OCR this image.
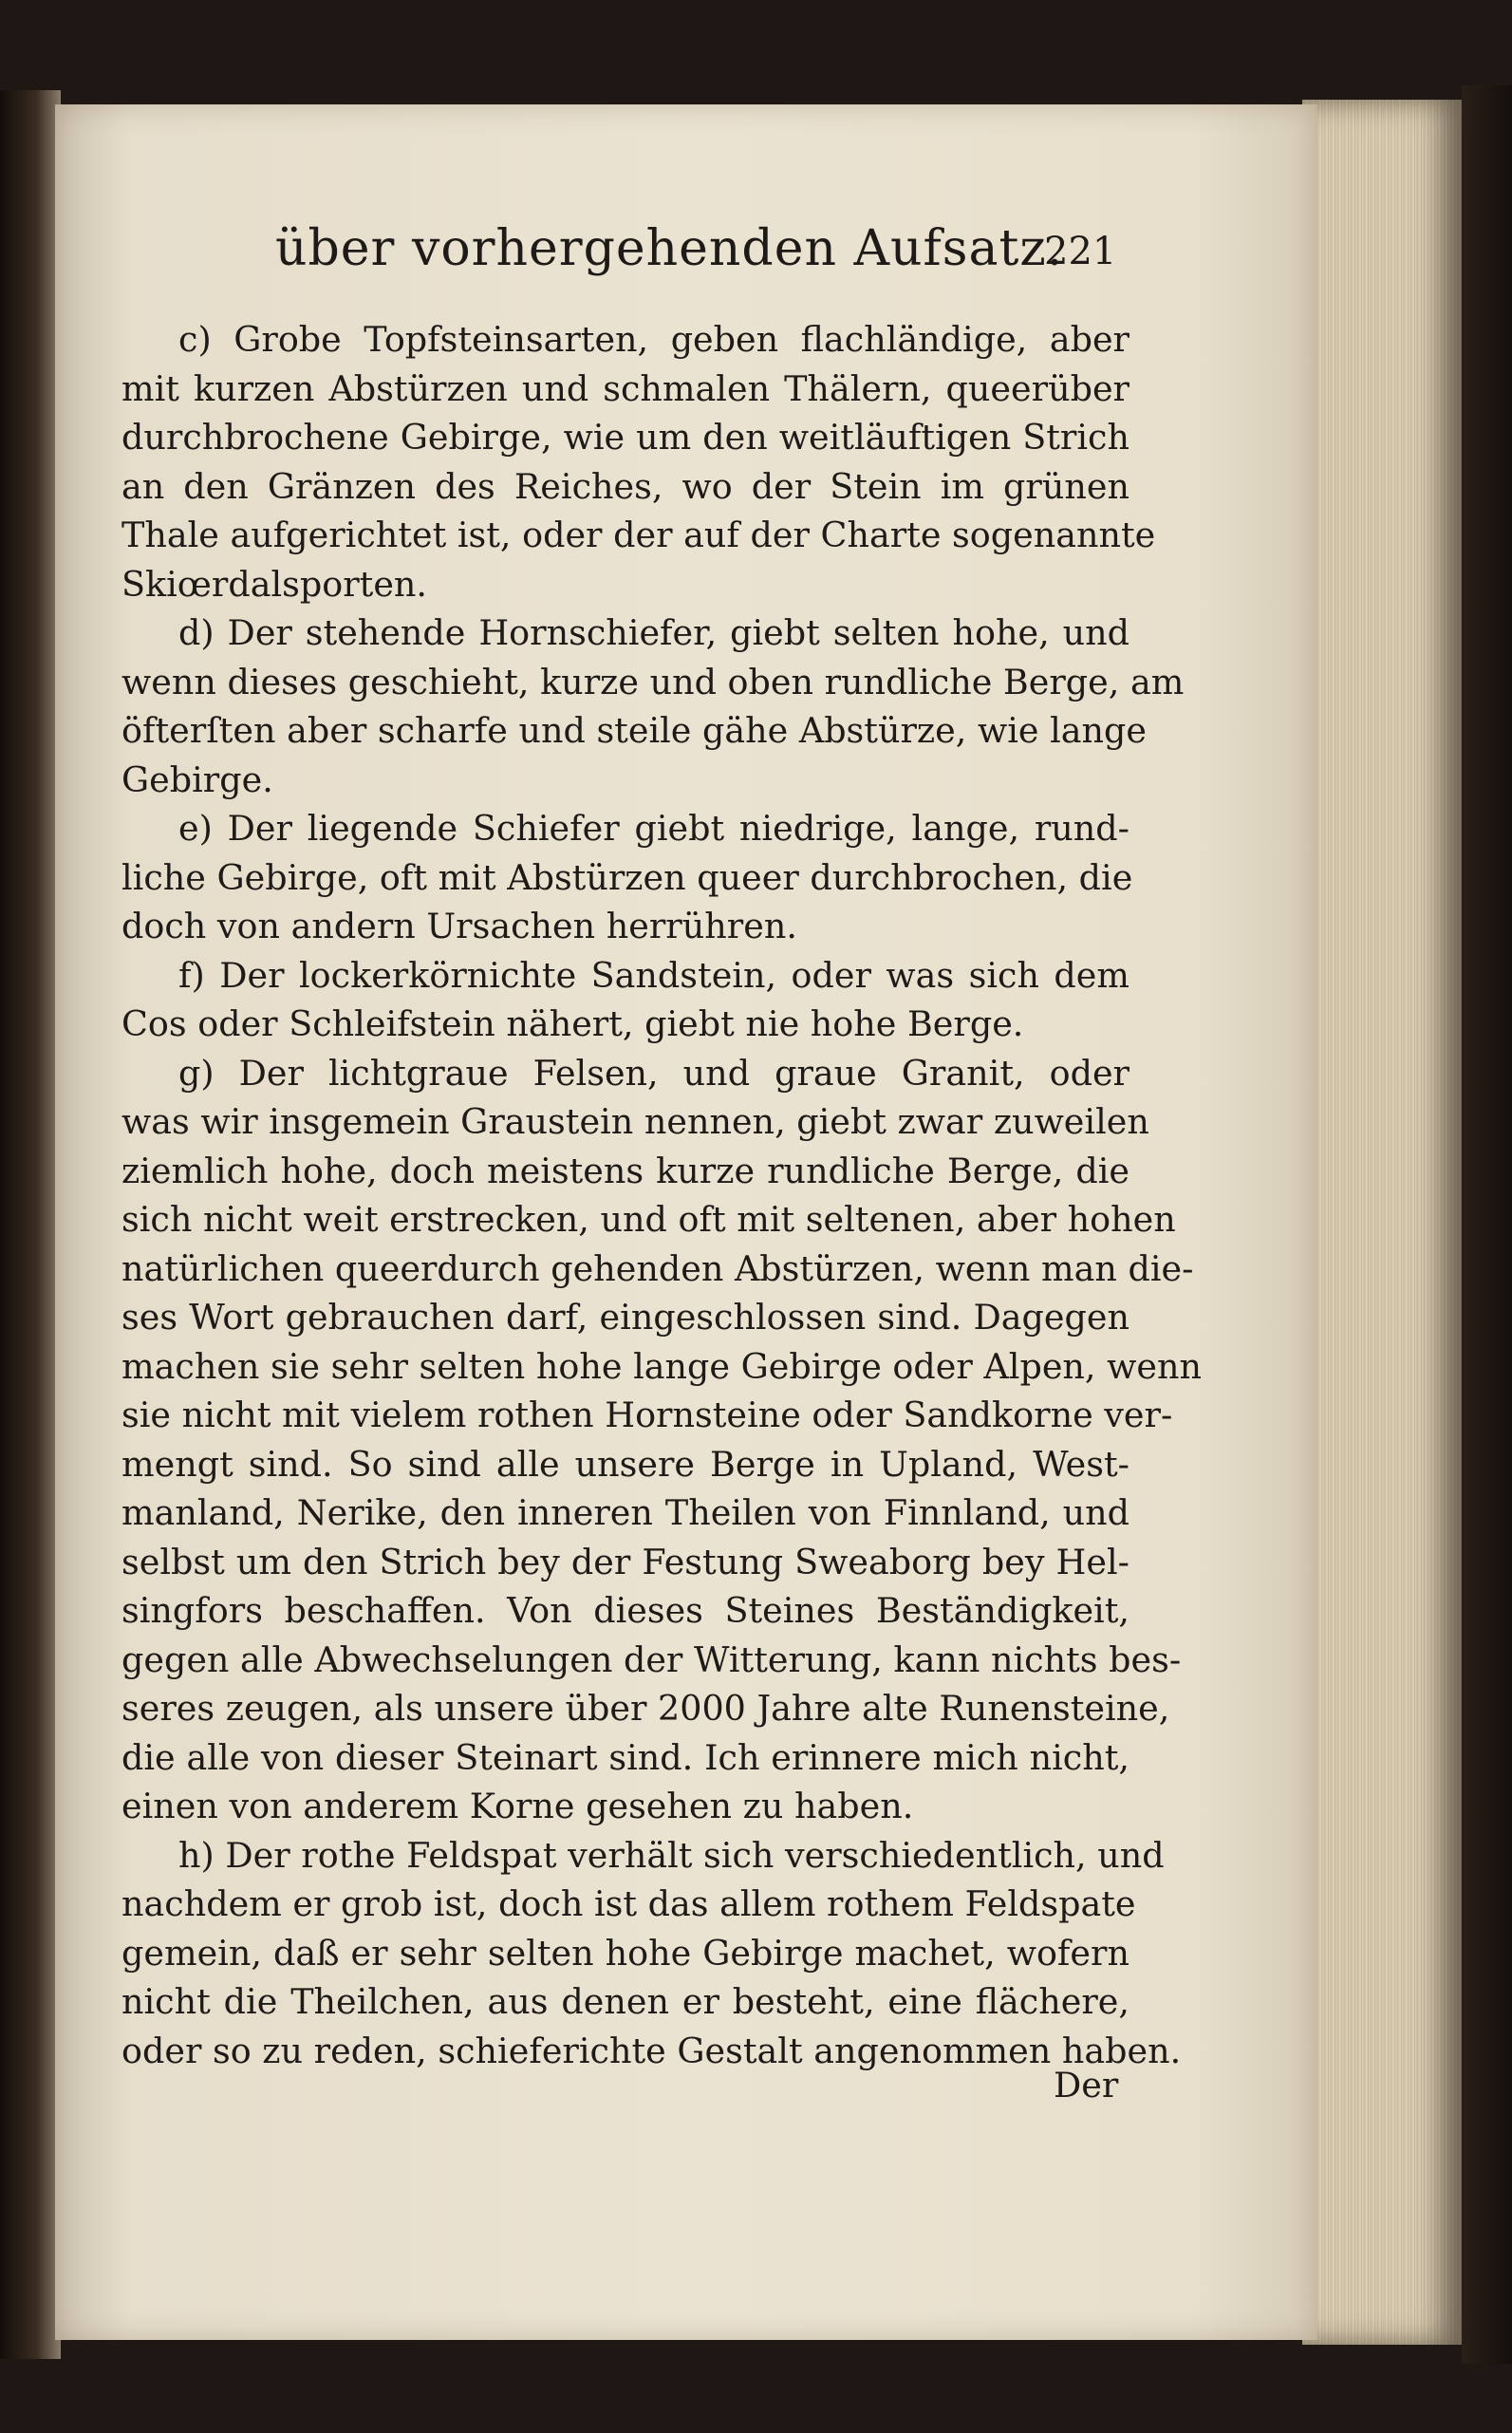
über vorhergehenden Aufsatz.
221
c) Grobe Topfsteinsarten, geben flachländige, aber
mit kurzen Abstürzen und schmalen Thälern, queerüber
durchbrochene Gebirge, wie um den weitläuftigen Strich
an den Gränzen des Reiches, wo der Stein im grünen
Thale aufgerichtet ist, oder der auf der Charte sogenannte
Skiœrdalsporten.
d) Der stehende Hornschiefer, giebt selten hohe, und
wenn dieses geschieht, kurze und oben rundliche Berge, am
öfterſten aber scharfe und steile gähe Abstürze, wie lange
Gebirge.
e) Der liegende Schiefer giebt niedrige, lange, rund-
liche Gebirge, oft mit Abstürzen queer durchbrochen, die
doch von andern Ursachen herrühren.
f) Der lockerkörnichte Sandstein, oder was sich dem
Cos oder Schleifstein nähert, giebt nie hohe Berge.
g) Der lichtgraue Felsen, und graue Granit, oder
was wir insgemein Graustein nennen, giebt zwar zuweilen
ziemlich hohe, doch meistens kurze rundliche Berge, die
sich nicht weit erstrecken, und oft mit seltenen, aber hohen
natürlichen queerdurch gehenden Abstürzen, wenn man die-
ses Wort gebrauchen darf, eingeschlossen sind. Dagegen
machen sie sehr selten hohe lange Gebirge oder Alpen, wenn
sie nicht mit vielem rothen Hornsteine oder Sandkorne ver-
mengt sind. So sind alle unsere Berge in Upland, West-
manland, Nerike, den inneren Theilen von Finnland, und
selbst um den Strich bey der Festung Sweaborg bey Hel-
singfors beschaffen. Von dieses Steines Beständigkeit,
gegen alle Abwechselungen der Witterung, kann nichts bes-
seres zeugen, als unsere über 2000 Jahre alte Runensteine,
die alle von dieser Steinart sind. Ich erinnere mich nicht,
einen von anderem Korne gesehen zu haben.
h) Der rothe Feldspat verhält sich verschiedentlich, und
nachdem er grob ist, doch ist das allem rothem Feldspate
gemein, daß er sehr selten hohe Gebirge machet, wofern
nicht die Theilchen, aus denen er besteht, eine flächere,
oder so zu reden, schieferichte Gestalt angenommen haben.
Der
